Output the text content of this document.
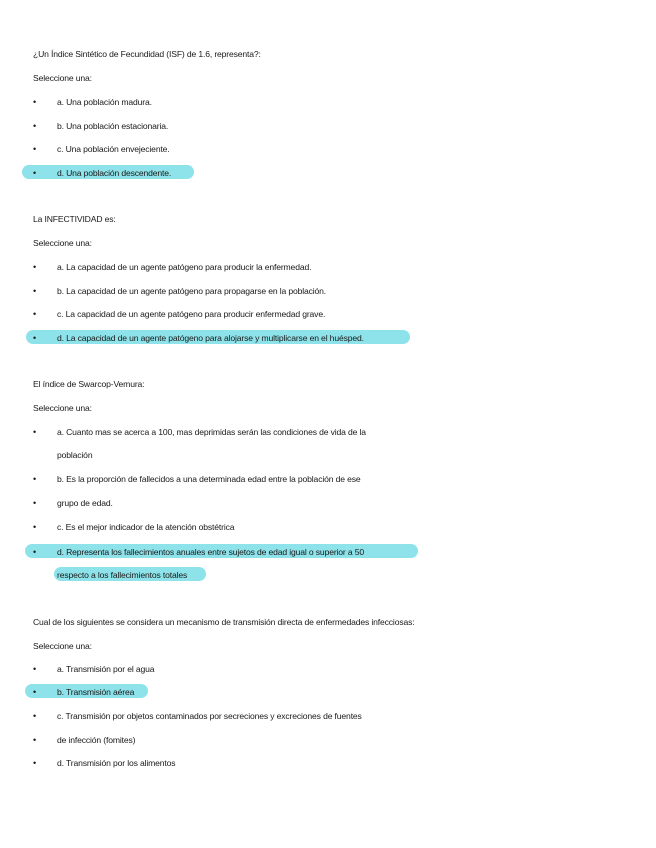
¿Un Índice Sintético de Fecundidad (ISF) de 1.6, representa?:
Seleccione una:
•	a. Una población madura.
•	b. Una población estacionaria.
•	c. Una población envejeciente.
•	d. Una población descendente.
La INFECTIVIDAD es:
Seleccione una:
•	a. La capacidad de un agente patógeno para producir la enfermedad.
•	b. La capacidad de un agente patógeno para propagarse en la población.
•	c. La capacidad de un agente patógeno para producir enfermedad grave.
•	d. La capacidad de un agente patógeno para alojarse y multiplicarse en el huésped.
El índice de Swarcop-Vemura:
Seleccione una:
•	a. Cuanto mas se acerca a 100, mas deprimidas serán las condiciones de vida de la
población
•	b. Es la proporción de fallecidos a una determinada edad entre la población de ese
•	grupo de edad.
•	c. Es el mejor indicador de la atención obstétrica
•	d. Representa los fallecimientos anuales entre sujetos de edad igual o superior a 50
respecto a los fallecimientos totales
Cual de los siguientes se considera un mecanismo de transmisión directa de enfermedades infecciosas:
Seleccione una:
•	a. Transmisión por el agua
•	b. Transmisión aérea
•	c. Transmisión por objetos contaminados por secreciones y excreciones de fuentes
•	de infección (fomites)
•	d. Transmisión por los alimentos
